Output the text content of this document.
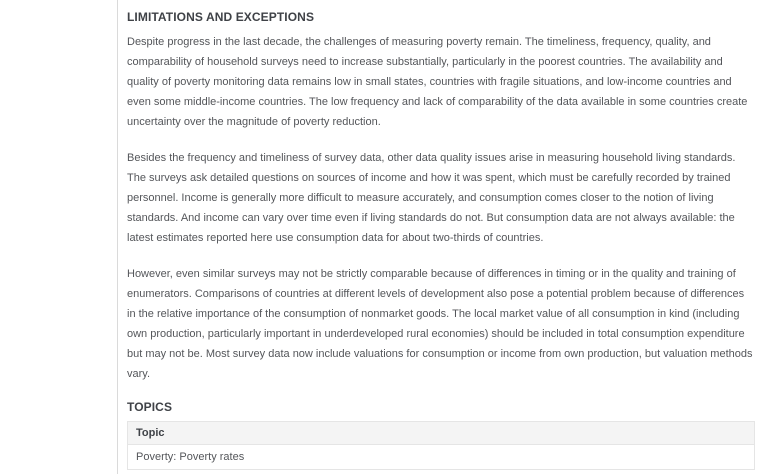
LIMITATIONS AND EXCEPTIONS

Despite progress in the last decade, the challenges of measuring poverty remain. The timeliness, frequency, quality, and comparability of household surveys need to increase substantially, particularly in the poorest countries. The availability and quality of poverty monitoring data remains low in small states, countries with fragile situations, and low-income countries and even some middle-income countries. The low frequency and lack of comparability of the data available in some countries create uncertainty over the magnitude of poverty reduction.

Besides the frequency and timeliness of survey data, other data quality issues arise in measuring household living standards. The surveys ask detailed questions on sources of income and how it was spent, which must be carefully recorded by trained personnel. Income is generally more difficult to measure accurately, and consumption comes closer to the notion of living standards. And income can vary over time even if living standards do not. But consumption data are not always available: the latest estimates reported here use consumption data for about two-thirds of countries.

However, even similar surveys may not be strictly comparable because of differences in timing or in the quality and training of enumerators. Comparisons of countries at different levels of development also pose a potential problem because of differences in the relative importance of the consumption of nonmarket goods. The local market value of all consumption in kind (including own production, particularly important in underdeveloped rural economies) should be included in total consumption expenditure but may not be. Most survey data now include valuations for consumption or income from own production, but valuation methods vary.

TOPICS
Topic
Poverty: Poverty rates
